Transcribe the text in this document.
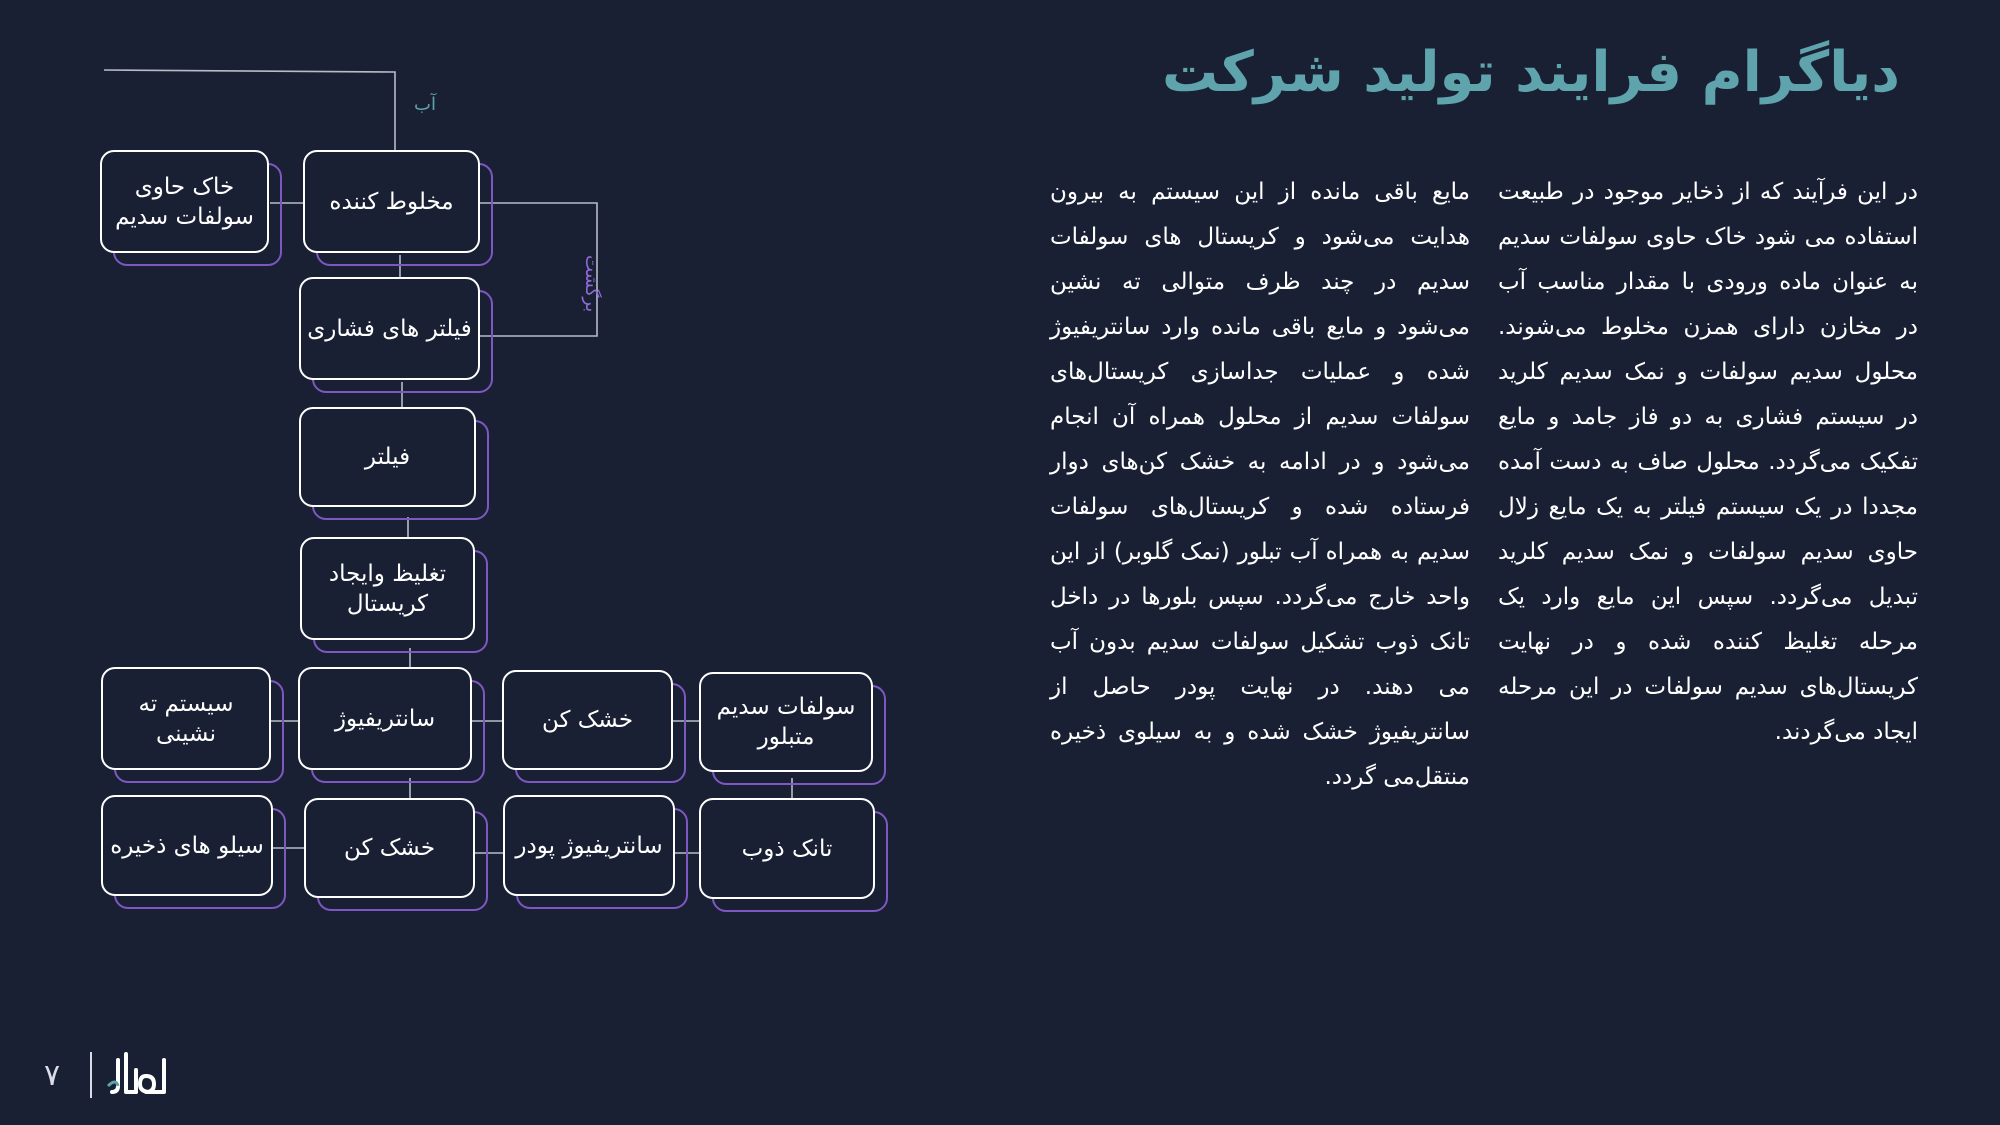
دیاگرام فرایند تولید شرکت
در این فرآیند که از ذخایر موجود در طبیعت استفاده می شود خاک حاوی سولفات سدیم به عنوان ماده ورودی با مقدار مناسب آب در مخازن دارای همزن مخلوط می‌شوند. محلول سدیم سولفات و نمک سدیم کلرید در سیستم فشاری به دو فاز جامد و مایع تفکیک می‌گردد. محلول صاف به دست آمده مجددا در یک سیستم فیلتر به یک مایع زلال حاوی سدیم سولفات و نمک سدیم کلرید تبدیل می‌گردد. سپس این مایع وارد یک مرحله تغلیظ کننده شده و در نهایت کریستال‌های سدیم سولفات در این مرحله ایجاد می‌گردند.
مایع باقی مانده از این سیستم به بیرون هدایت می‌شود و کریستال های سولفات سدیم در چند ظرف متوالی ته نشین می‌شود و مایع باقی مانده وارد سانتریفیوژ شده و عملیات جداسازی کریستال‌های سولفات سدیم از محلول همراه آن انجام می‌شود و در ادامه به خشک کن‌های دوار فرستاده شده و کریستال‌های سولفات سدیم به همراه آب تبلور (نمک گلوبر) از این واحد خارج می‌گردد. سپس بلورها در داخل تانک ذوب تشکیل سولفات سدیم بدون آب می دهند. در نهایت پودر حاصل از سانتریفیوژ خشک شده و به سیلوی ذخیره منتقل‌می گردد.
آب
برگشت
خاک حاوی سولفات سدیم
مخلوط کننده
فیلتر های فشاری
فیلتر
تغلیظ وایجاد کریستال
سیستم ته نشینی
سانتریفیوژ	خشک کن	سولفات سدیم متبلور
سیلو های ذخیره	خشک کن	سانتریفیوژ پودر	تانک ذوب
۷
